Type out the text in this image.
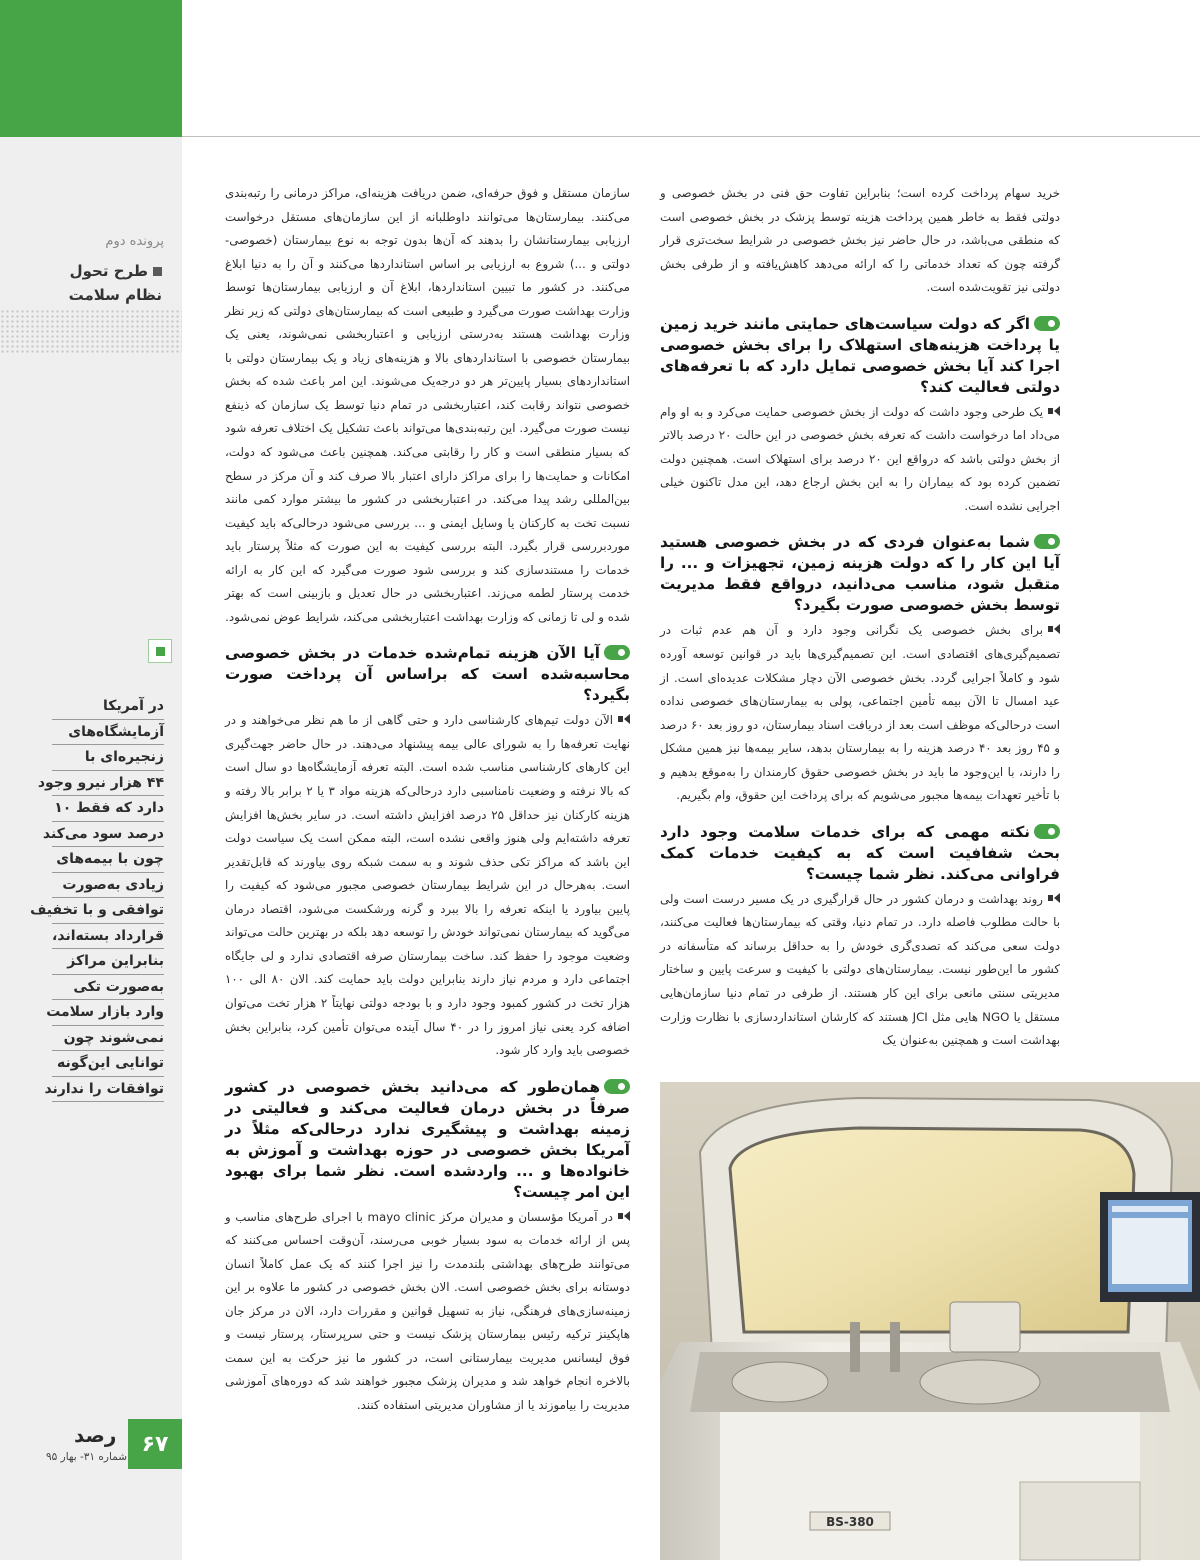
پرونده دوم
طرح تحول
نظام سلامت
در آمریکا
آزمایشگاه‌های
زنجیره‌ای با
۴۴ هزار نیرو وجود
دارد که فقط ۱۰
درصد سود می‌کند
چون با بیمه‌های
زیادی به‌صورت
توافقی و با تخفیف
قرارداد بسته‌اند،
بنابراین مراکز
به‌صورت تکی
وارد بازار سلامت
نمی‌شوند چون
توانایی این‌گونه
توافقات را ندارند
۶۷
رصد
شماره ۳۱- بهار ۹۵

خرید سهام پرداخت کرده است؛ بنابراین تفاوت حق فنی در بخش خصوصی و دولتی فقط به خاطر همین پرداخت هزینه توسط پزشک در بخش خصوصی است که منطقی می‌باشد، در حال حاضر نیز بخش خصوصی در شرایط سخت‌تری قرار گرفته چون که تعداد خدماتی را که ارائه می‌دهد کاهش‌یافته و از طرفی بخش دولتی نیز تقویت‌شده است.

اگر که دولت سیاست‌های حمایتی مانند خرید زمین یا پرداخت هزینه‌های استهلاک را برای بخش خصوصی اجرا کند آیا بخش خصوصی تمایل دارد که با تعرفه‌های دولتی فعالیت کند؟

یک طرحی وجود داشت که دولت از بخش خصوصی حمایت می‌کرد و به او وام می‌داد اما درخواست داشت که تعرفه بخش خصوصی در این حالت ۲۰ درصد بالاتر از بخش دولتی باشد که درواقع این ۲۰ درصد برای استهلاک است. همچنین دولت تضمین کرده بود که بیماران را به این بخش ارجاع دهد، این مدل تاکنون خیلی اجرایی نشده است.

شما به‌عنوان فردی که در بخش خصوصی هستید آیا این کار را که دولت هزینه زمین، تجهیزات و ... را متقبل شود، مناسب می‌دانید، درواقع فقط مدیریت توسط بخش خصوصی صورت بگیرد؟

برای بخش خصوصی یک نگرانی وجود دارد و آن هم عدم ثبات در تصمیم‌گیری‌های اقتصادی است. این تصمیم‌گیری‌ها باید در قوانین توسعه آورده شود و کاملاً اجرایی گردد. بخش خصوصی الآن دچار مشکلات عدیده‌ای است. از عید امسال تا الآن بیمه تأمین اجتماعی، پولی به بیمارستان‌های خصوصی نداده است درحالی‌که موظف است بعد از دریافت اسناد بیمارستان، دو روز بعد ۶۰ درصد و ۴۵ روز بعد ۴۰ درصد هزینه را به بیمارستان بدهد، سایر بیمه‌ها نیز همین مشکل را دارند، با این‌وجود ما باید در بخش خصوصی حقوق کارمندان را به‌موقع بدهیم و با تأخیر تعهدات بیمه‌ها مجبور می‌شویم که برای پرداخت این حقوق، وام بگیریم.

نکته مهمی که برای خدمات سلامت وجود دارد بحث شفافیت است که به کیفیت خدمات کمک فراوانی می‌کند. نظر شما چیست؟

روند بهداشت و درمان کشور در حال قرارگیری در یک مسیر درست است ولی با حالت مطلوب فاصله دارد. در تمام دنیا، وقتی که بیمارستان‌ها فعالیت می‌کنند، دولت سعی می‌کند که تصدی‌گری خودش را به حداقل برساند که متأسفانه در کشور ما این‌طور نیست. بیمارستان‌های دولتی با کیفیت و سرعت پایین و ساختار مدیریتی سنتی مانعی برای این کار هستند. از طرفی در تمام دنیا سازمان‌هایی مستقل یا NGO هایی مثل JCI هستند که کارشان استانداردسازی با نظارت وزارت بهداشت است و همچنین به‌عنوان یک

سازمان مستقل و فوق حرفه‌ای، ضمن دریافت هزینه‌ای، مراکز درمانی را رتبه‌بندی می‌کنند. بیمارستان‌ها می‌توانند داوطلبانه از این سازمان‌های مستقل درخواست ارزیابی بیمارستانشان را بدهند که آن‌ها بدون توجه به نوع بیمارستان (خصوصی-دولتی و ...) شروع به ارزیابی بر اساس استانداردها می‌کنند و آن را به دنیا ابلاغ می‌کنند. در کشور ما تبیین استانداردها، ابلاغ آن و ارزیابی بیمارستان‌ها توسط وزارت بهداشت صورت می‌گیرد و طبیعی است که بیمارستان‌های دولتی که زیر نظر وزارت بهداشت هستند به‌درستی ارزیابی و اعتباربخشی نمی‌شوند، یعنی یک بیمارستان خصوصی با استانداردهای بالا و هزینه‌های زیاد و یک بیمارستان دولتی با استانداردهای بسیار پایین‌تر هر دو درجه‌یک می‌شوند. این امر باعث شده که بخش خصوصی نتواند رقابت کند، اعتباربخشی در تمام دنیا توسط یک سازمان که ذینفع نیست صورت می‌گیرد. این رتبه‌بندی‌ها می‌تواند باعث تشکیل یک اختلاف تعرفه شود که بسیار منطقی است و کار را رقابتی می‌کند. همچنین باعث می‌شود که دولت، امکانات و حمایت‌ها را برای مراکز دارای اعتبار بالا صرف کند و آن مرکز در سطح بین‌المللی رشد پیدا می‌کند. در اعتباربخشی در کشور ما بیشتر موارد کمی مانند نسبت تخت به کارکنان یا وسایل ایمنی و ... بررسی می‌شود درحالی‌که باید کیفیت موردبررسی قرار بگیرد. البته بررسی کیفیت به این صورت که مثلاً پرستار باید خدمات را مستندسازی کند و بررسی شود صورت می‌گیرد که این کار به ارائه خدمت پرستار لطمه می‌زند. اعتباربخشی در حال تعدیل و بازبینی است که بهتر شده و لی تا زمانی که وزارت بهداشت اعتباربخشی می‌کند، شرایط عوض نمی‌شود.

آیا الآن هزینه تمام‌شده خدمات در بخش خصوصی محاسبه‌شده است که براساس آن پرداخت صورت بگیرد؟

الآن دولت تیم‌های کارشناسی دارد و حتی گاهی از ما هم نظر می‌خواهند و در نهایت تعرفه‌ها را به شورای عالی بیمه پیشنهاد می‌دهند. در حال حاضر جهت‌گیری این کارهای کارشناسی مناسب شده است. البته تعرفه آزمایشگاه‌ها دو سال است که بالا نرفته و وضعیت نامناسبی دارد درحالی‌که هزینه مواد ۳ یا ۲ برابر بالا رفته و هزینه کارکنان نیز حداقل ۲۵ درصد افزایش داشته است. در سایر بخش‌ها افزایش تعرفه داشته‌ایم ولی هنوز واقعی نشده است، البته ممکن است یک سیاست دولت این باشد که مراکز تکی حذف شوند و به سمت شبکه روی بیاورند که قابل‌تقدیر است. به‌هرحال در این شرایط بیمارستان خصوصی مجبور می‌شود که کیفیت را پایین بیاورد یا اینکه تعرفه را بالا ببرد و گرنه ورشکست می‌شود، اقتصاد درمان می‌گوید که بیمارستان نمی‌تواند خودش را توسعه دهد بلکه در بهترین حالت می‌تواند وضعیت موجود را حفظ کند. ساخت بیمارستان صرفه اقتصادی ندارد و لی جایگاه اجتماعی دارد و مردم نیاز دارند بنابراین دولت باید حمایت کند. الان ۸۰ الی ۱۰۰ هزار تخت در کشور کمبود وجود دارد و با بودجه دولتی نهایتاً ۲ هزار تخت می‌توان اضافه کرد یعنی نیاز امروز را در ۴۰ سال آینده می‌توان تأمین کرد، بنابراین بخش خصوصی باید وارد کار شود.

همان‌طور که می‌دانید بخش خصوصی در کشور صرفاً در بخش درمان فعالیت می‌کند و فعالیتی در زمینه بهداشت و پیشگیری ندارد درحالی‌که مثلاً در آمریکا بخش خصوصی در حوزه بهداشت و آموزش به خانواده‌ها و ... واردشده است. نظر شما برای بهبود این امر چیست؟

در آمریکا مؤسسان و مدیران مرکز mayo clinic با اجرای طرح‌های مناسب و پس از ارائه خدمات به سود بسیار خوبی می‌رسند، آن‌وقت احساس می‌کنند که می‌توانند طرح‌های بهداشتی بلندمدت را نیز اجرا کنند که یک عمل کاملاً انسان دوستانه برای بخش خصوصی است. الان بخش خصوصی در کشور ما علاوه بر این زمینه‌سازی‌های فرهنگی، نیاز به تسهیل قوانین و مقررات دارد، الان در مرکز جان هاپکینز ترکیه رئیس بیمارستان پزشک نیست و حتی سرپرستار، پرستار نیست و فوق لیسانس مدیریت بیمارستانی است، در کشور ما نیز حرکت به این سمت بالاخره انجام خواهد شد و مدیران پزشک مجبور خواهند شد که دوره‌های آموزشی مدیریت را بیاموزند یا از مشاوران مدیریتی استفاده کنند.

BS-380
